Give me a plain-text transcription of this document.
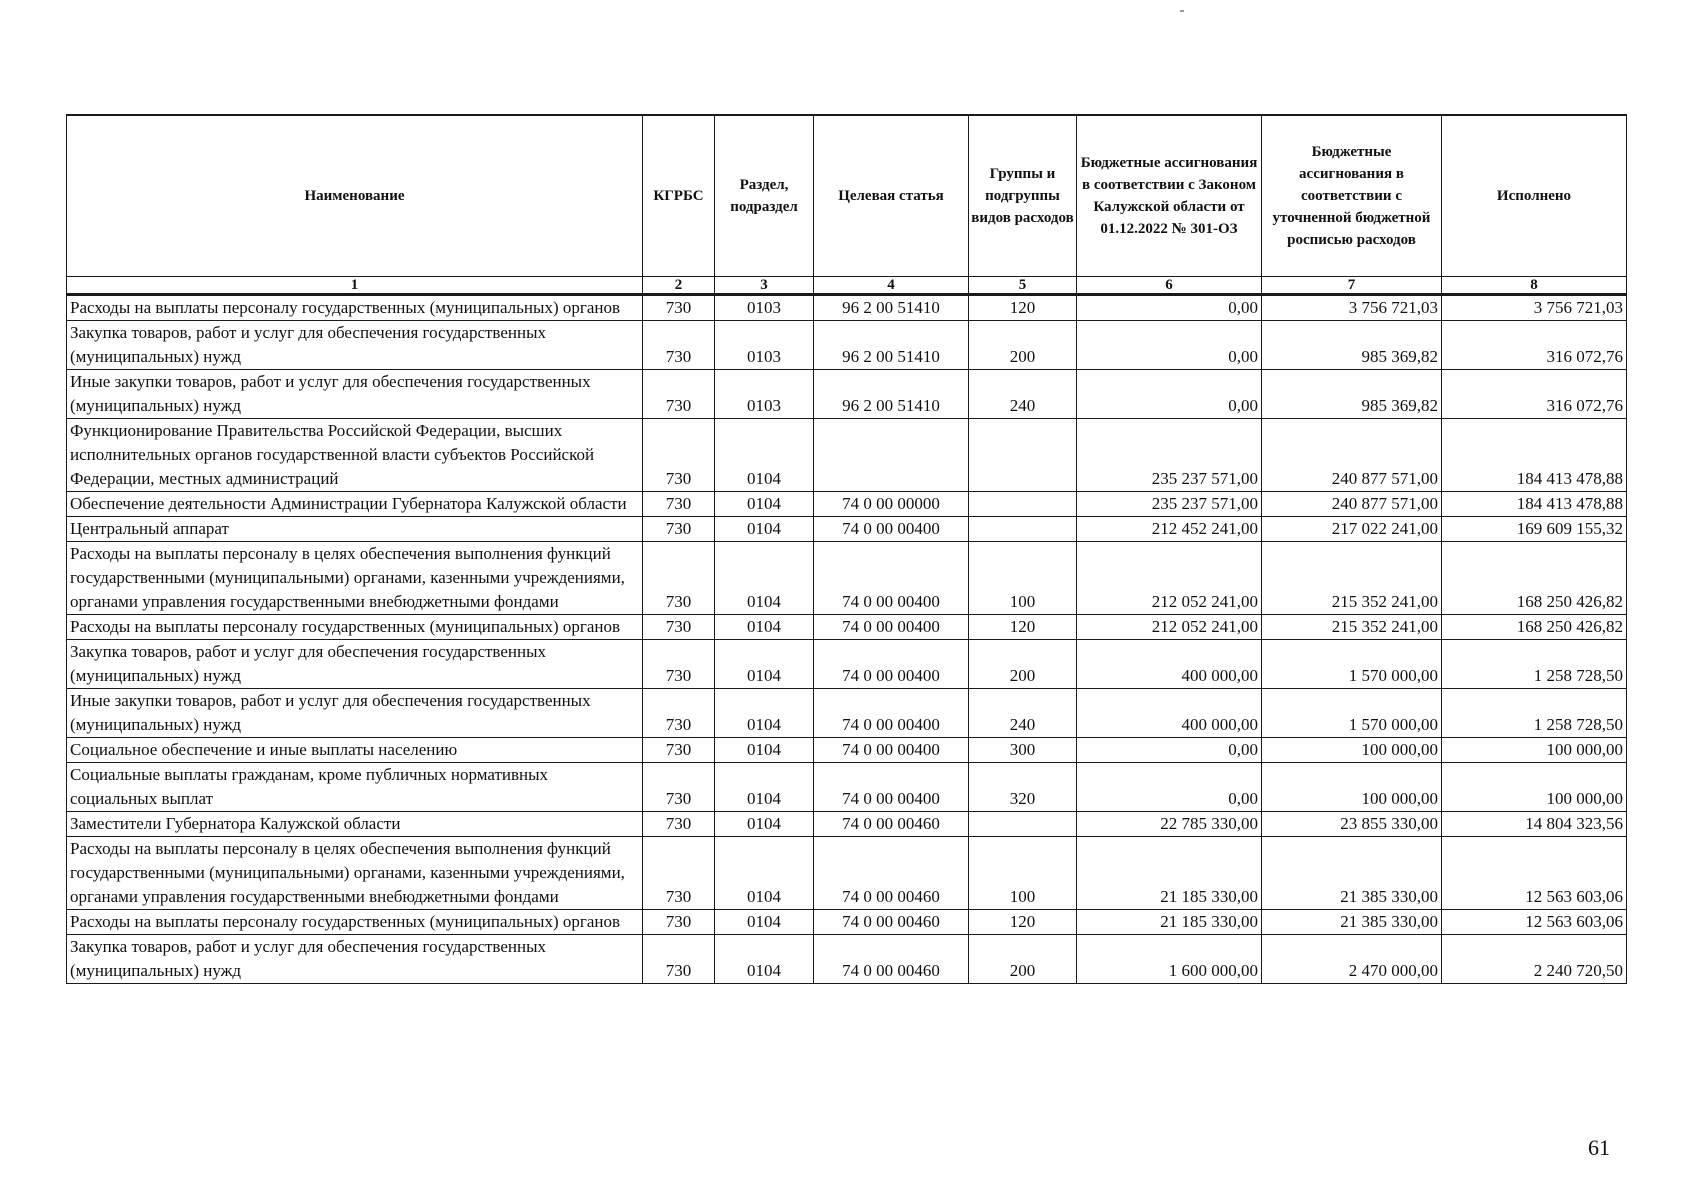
Наименование	КГРБС	Раздел, подраздел	Целевая статья	Группы и подгруппы видов расходов	Бюджетные ассигнования в соответствии с Законом Калужской области от 01.12.2022 № 301-ОЗ	Бюджетные ассигнования в соответствии с уточненной бюджетной росписью расходов	Исполнено
1	2	3	4	5	6	7	8
Расходы на выплаты персоналу государственных (муниципальных) органов	730	0103	96 2 00 51410	120	0,00	3 756 721,03	3 756 721,03
Закупка товаров, работ и услуг для обеспечения государственных (муниципальных) нужд	730	0103	96 2 00 51410	200	0,00	985 369,82	316 072,76
Иные закупки товаров, работ и услуг для обеспечения государственных (муниципальных) нужд	730	0103	96 2 00 51410	240	0,00	985 369,82	316 072,76
Функционирование Правительства Российской Федерации, высших исполнительных органов государственной власти субъектов Российской Федерации, местных администраций	730	0104			235 237 571,00	240 877 571,00	184 413 478,88
Обеспечение деятельности Администрации Губернатора Калужской области	730	0104	74 0 00 00000		235 237 571,00	240 877 571,00	184 413 478,88
Центральный аппарат	730	0104	74 0 00 00400		212 452 241,00	217 022 241,00	169 609 155,32
Расходы на выплаты персоналу в целях обеспечения выполнения функций государственными (муниципальными) органами, казенными учреждениями, органами управления государственными внебюджетными фондами	730	0104	74 0 00 00400	100	212 052 241,00	215 352 241,00	168 250 426,82
Расходы на выплаты персоналу государственных (муниципальных) органов	730	0104	74 0 00 00400	120	212 052 241,00	215 352 241,00	168 250 426,82
Закупка товаров, работ и услуг для обеспечения государственных (муниципальных) нужд	730	0104	74 0 00 00400	200	400 000,00	1 570 000,00	1 258 728,50
Иные закупки товаров, работ и услуг для обеспечения государственных (муниципальных) нужд	730	0104	74 0 00 00400	240	400 000,00	1 570 000,00	1 258 728,50
Социальное обеспечение и иные выплаты населению	730	0104	74 0 00 00400	300	0,00	100 000,00	100 000,00
Социальные выплаты гражданам, кроме публичных нормативных социальных выплат	730	0104	74 0 00 00400	320	0,00	100 000,00	100 000,00
Заместители Губернатора Калужской области	730	0104	74 0 00 00460		22 785 330,00	23 855 330,00	14 804 323,56
Расходы на выплаты персоналу в целях обеспечения выполнения функций государственными (муниципальными) органами, казенными учреждениями, органами управления государственными внебюджетными фондами	730	0104	74 0 00 00460	100	21 185 330,00	21 385 330,00	12 563 603,06
Расходы на выплаты персоналу государственных (муниципальных) органов	730	0104	74 0 00 00460	120	21 185 330,00	21 385 330,00	12 563 603,06
Закупка товаров, работ и услуг для обеспечения государственных (муниципальных) нужд	730	0104	74 0 00 00460	200	1 600 000,00	2 470 000,00	2 240 720,50
61
